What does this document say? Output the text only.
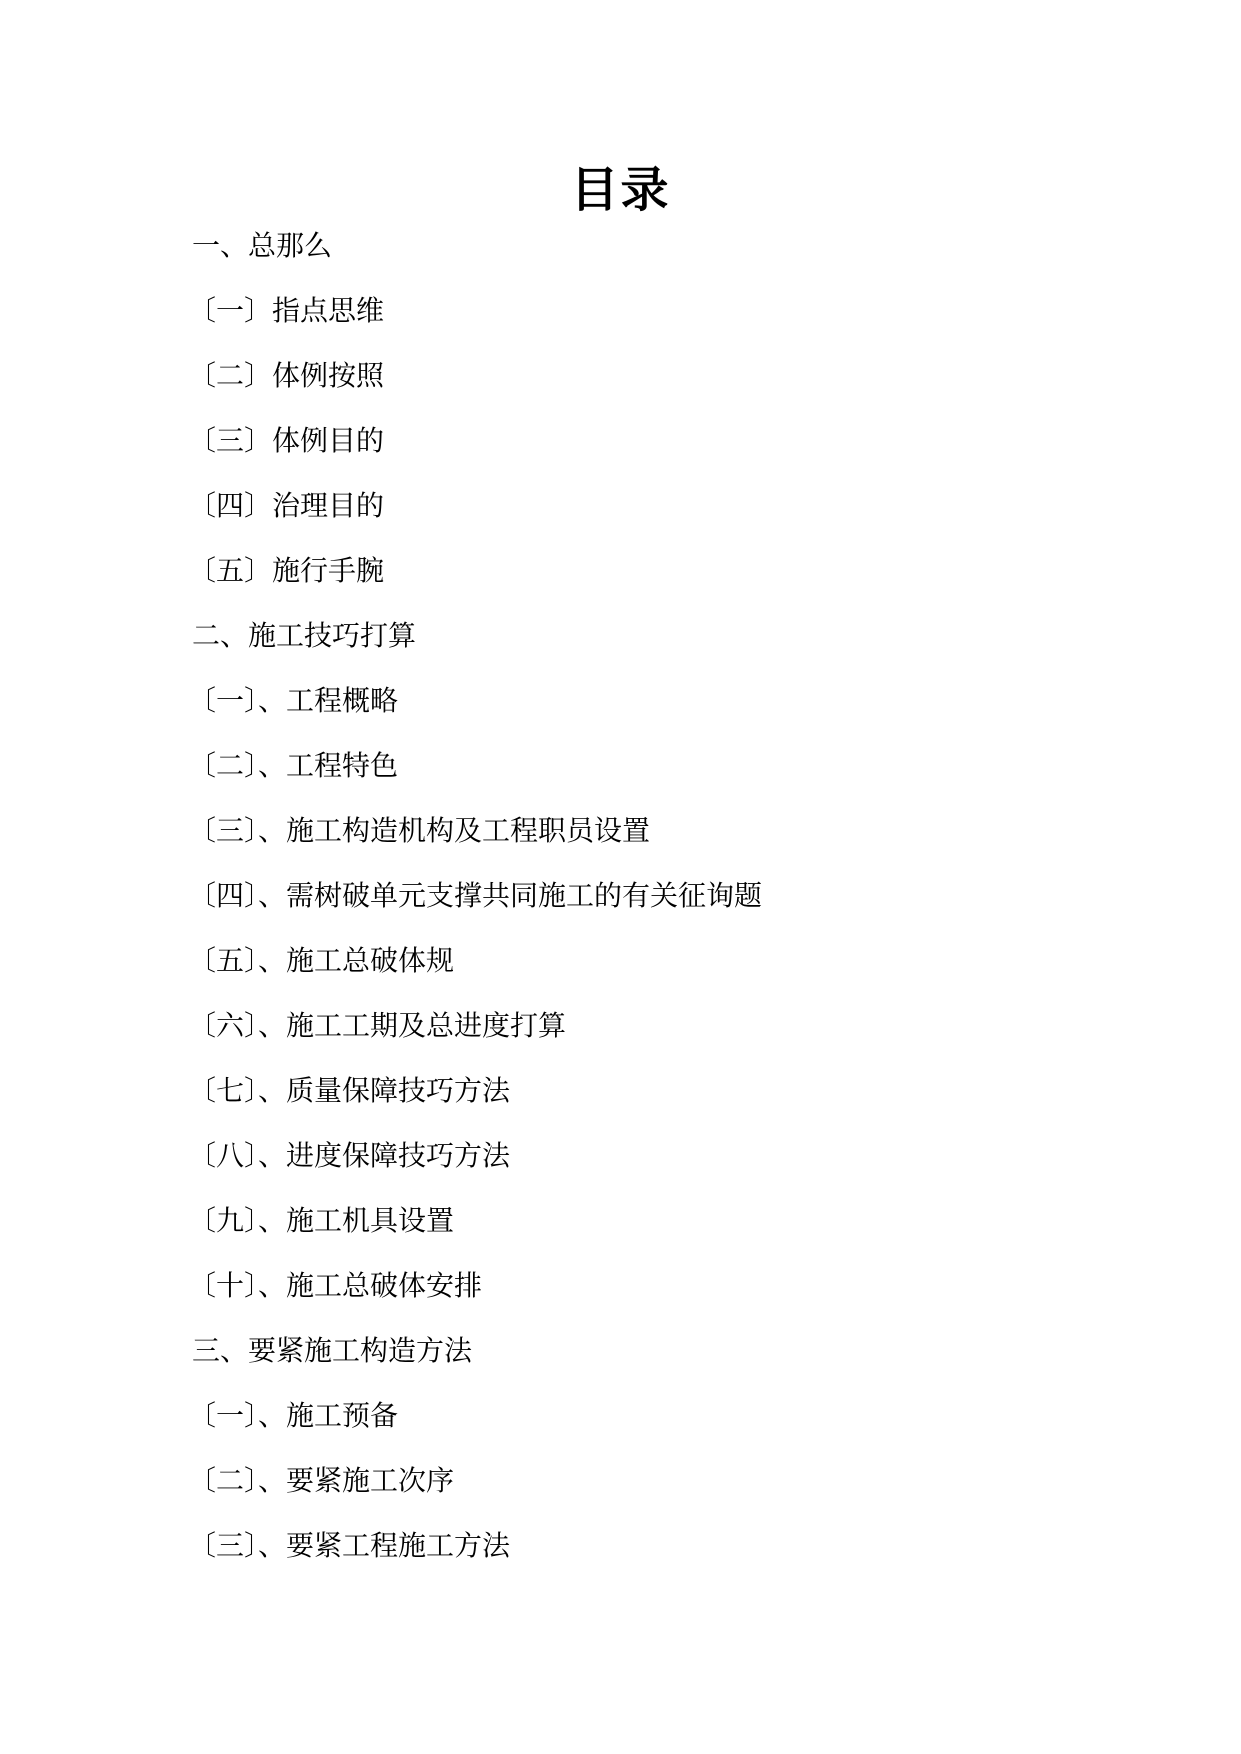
目录
一、总那么
〔一〕指点思维
〔二〕体例按照
〔三〕体例目的
〔四〕治理目的
〔五〕施行手腕
二、施工技巧打算
〔一〕、工程概略
〔二〕、工程特色
〔三〕、施工构造机构及工程职员设置
〔四〕、需树破单元支撑共同施工的有关征询题
〔五〕、施工总破体规
〔六〕、施工工期及总进度打算
〔七〕、质量保障技巧方法
〔八〕、进度保障技巧方法
〔九〕、施工机具设置
〔十〕、施工总破体安排
三、要紧施工构造方法
〔一〕、施工预备
〔二〕、要紧施工次序
〔三〕、要紧工程施工方法
